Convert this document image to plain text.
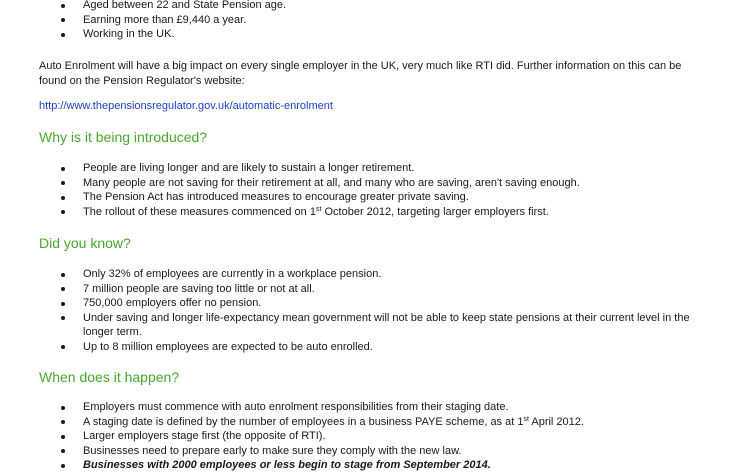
Aged between 22 and State Pension age.
Earning more than £9,440 a year.
Working in the UK.
Auto Enrolment will have a big impact on every single employer in the UK, very much like RTI did. Further information on this can be found on the Pension Regulator's website:
http://www.thepensionsregulator.gov.uk/automatic-enrolment
Why is it being introduced?
People are living longer and are likely to sustain a longer retirement.
Many people are not saving for their retirement at all, and many who are saving, aren't saving enough.
The Pension Act has introduced measures to encourage greater private saving.
The rollout of these measures commenced on 1st October 2012, targeting larger employers first.
Did you know?
Only 32% of employees are currently in a workplace pension.
7 million people are saving too little or not at all.
750,000 employers offer no pension.
Under saving and longer life-expectancy mean government will not be able to keep state pensions at their current level in the longer term.
Up to 8 million employees are expected to be auto enrolled.
When does it happen?
Employers must commence with auto enrolment responsibilities from their staging date.
A staging date is defined by the number of employees in a business PAYE scheme, as at 1st April 2012.
Larger employers stage first (the opposite of RTI).
Businesses need to prepare early to make sure they comply with the new law.
Businesses with 2000 employees or less begin to stage from September 2014.
